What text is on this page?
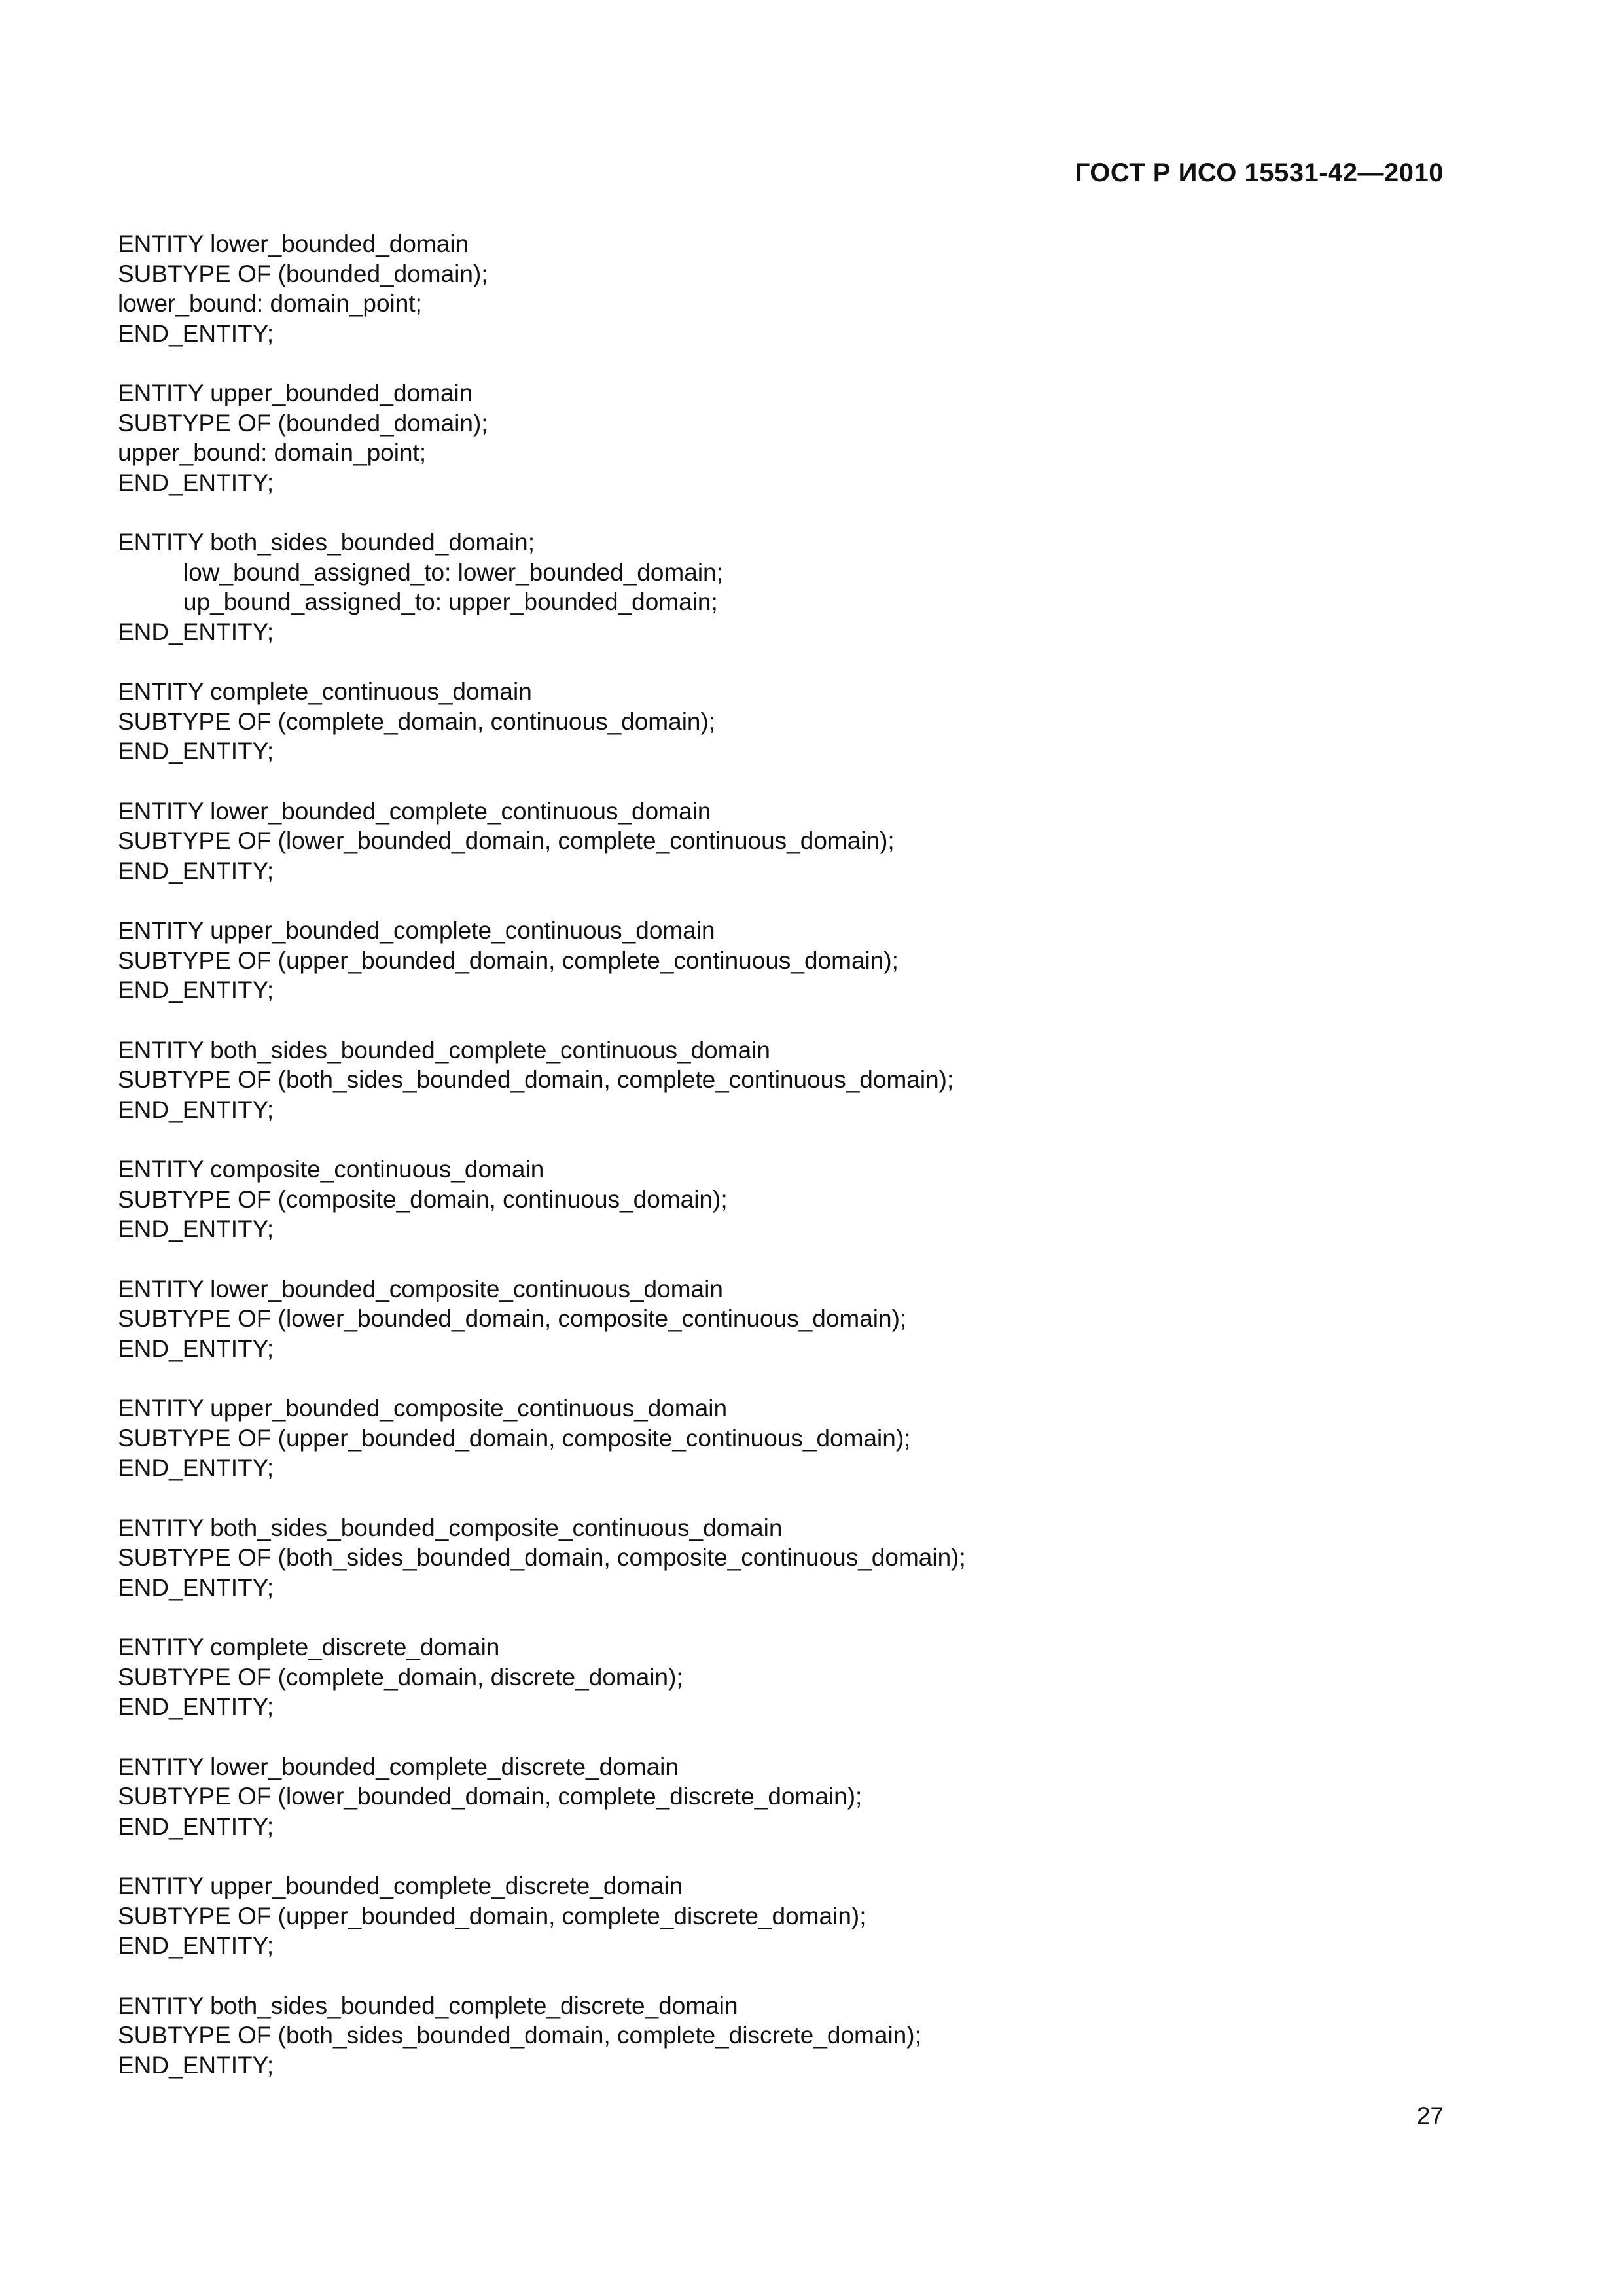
ГОСТ Р ИСО 15531-42—2010
ENTITY lower_bounded_domain
SUBTYPE OF (bounded_domain);
lower_bound: domain_point;
END_ENTITY;
ENTITY upper_bounded_domain
SUBTYPE OF (bounded_domain);
upper_bound: domain_point;
END_ENTITY;
ENTITY both_sides_bounded_domain;
low_bound_assigned_to: lower_bounded_domain;
up_bound_assigned_to: upper_bounded_domain;
END_ENTITY;
ENTITY complete_continuous_domain
SUBTYPE OF (complete_domain, continuous_domain);
END_ENTITY;
ENTITY lower_bounded_complete_continuous_domain
SUBTYPE OF (lower_bounded_domain, complete_continuous_domain);
END_ENTITY;
ENTITY upper_bounded_complete_continuous_domain
SUBTYPE OF (upper_bounded_domain, complete_continuous_domain);
END_ENTITY;
ENTITY both_sides_bounded_complete_continuous_domain
SUBTYPE OF (both_sides_bounded_domain, complete_continuous_domain);
END_ENTITY;
ENTITY composite_continuous_domain
SUBTYPE OF (composite_domain, continuous_domain);
END_ENTITY;
ENTITY lower_bounded_composite_continuous_domain
SUBTYPE OF (lower_bounded_domain, composite_continuous_domain);
END_ENTITY;
ENTITY upper_bounded_composite_continuous_domain
SUBTYPE OF (upper_bounded_domain, composite_continuous_domain);
END_ENTITY;
ENTITY both_sides_bounded_composite_continuous_domain
SUBTYPE OF (both_sides_bounded_domain, composite_continuous_domain);
END_ENTITY;
ENTITY complete_discrete_domain
SUBTYPE OF (complete_domain, discrete_domain);
END_ENTITY;
ENTITY lower_bounded_complete_discrete_domain
SUBTYPE OF (lower_bounded_domain, complete_discrete_domain);
END_ENTITY;
ENTITY upper_bounded_complete_discrete_domain
SUBTYPE OF (upper_bounded_domain, complete_discrete_domain);
END_ENTITY;
ENTITY both_sides_bounded_complete_discrete_domain
SUBTYPE OF (both_sides_bounded_domain, complete_discrete_domain);
END_ENTITY;
27
